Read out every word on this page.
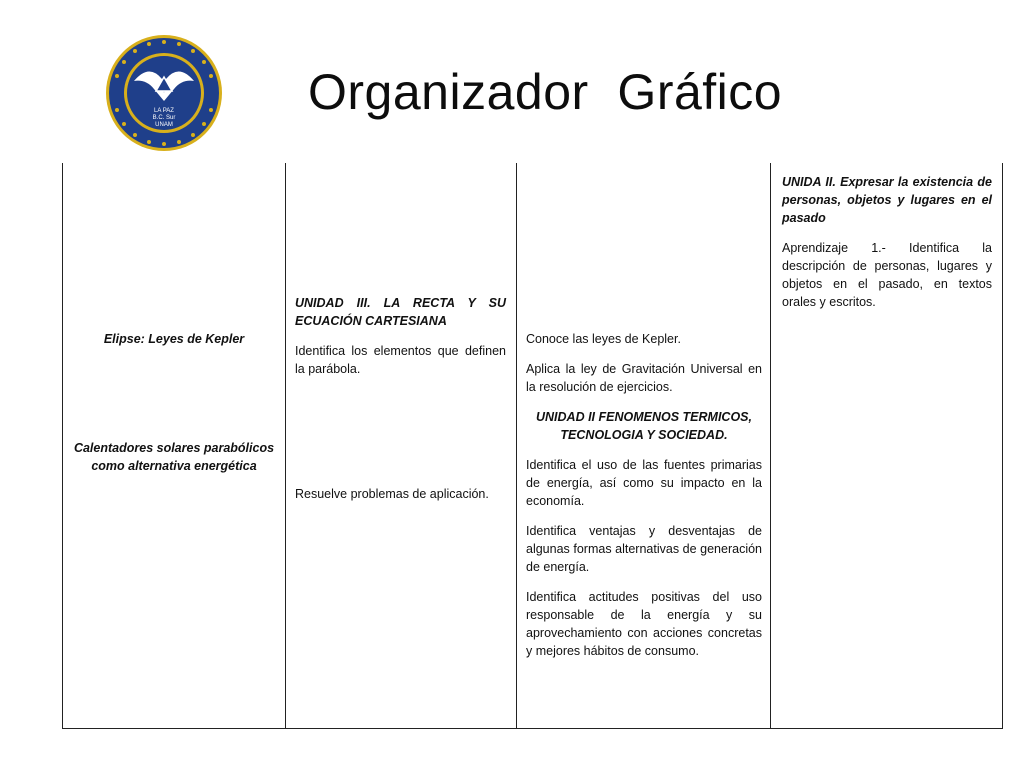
LA PAZ
B.C. Sur
UNAM
Organizador  Gráfico
Elipse: Leyes de Kepler
Calentadores solares parabólicos
como alternativa energética

UNIDAD III. LA RECTA Y SU ECUACIÓN CARTESIANA

Identifica los elementos que definen la parábola.

Resuelve problemas de aplicación.

Conoce las leyes de Kepler.

Aplica la ley de Gravitación Universal en la resolución de ejercicios.

UNIDAD II FENOMENOS TERMICOS,
TECNOLOGIA Y SOCIEDAD.

Identifica el uso de las fuentes primarias de energía, así como su impacto en la economía.

Identifica ventajas y desventajas de algunas formas alternativas de generación de energía.

Identifica actitudes positivas del uso responsable de la energía y su aprovechamiento con acciones concretas y mejores hábitos de consumo.

UNIDA II. Expresar la existencia de personas, objetos y lugares en el pasado

Aprendizaje 1.- Identifica la descripción de personas, lugares y objetos en el pasado, en textos orales y escritos.
